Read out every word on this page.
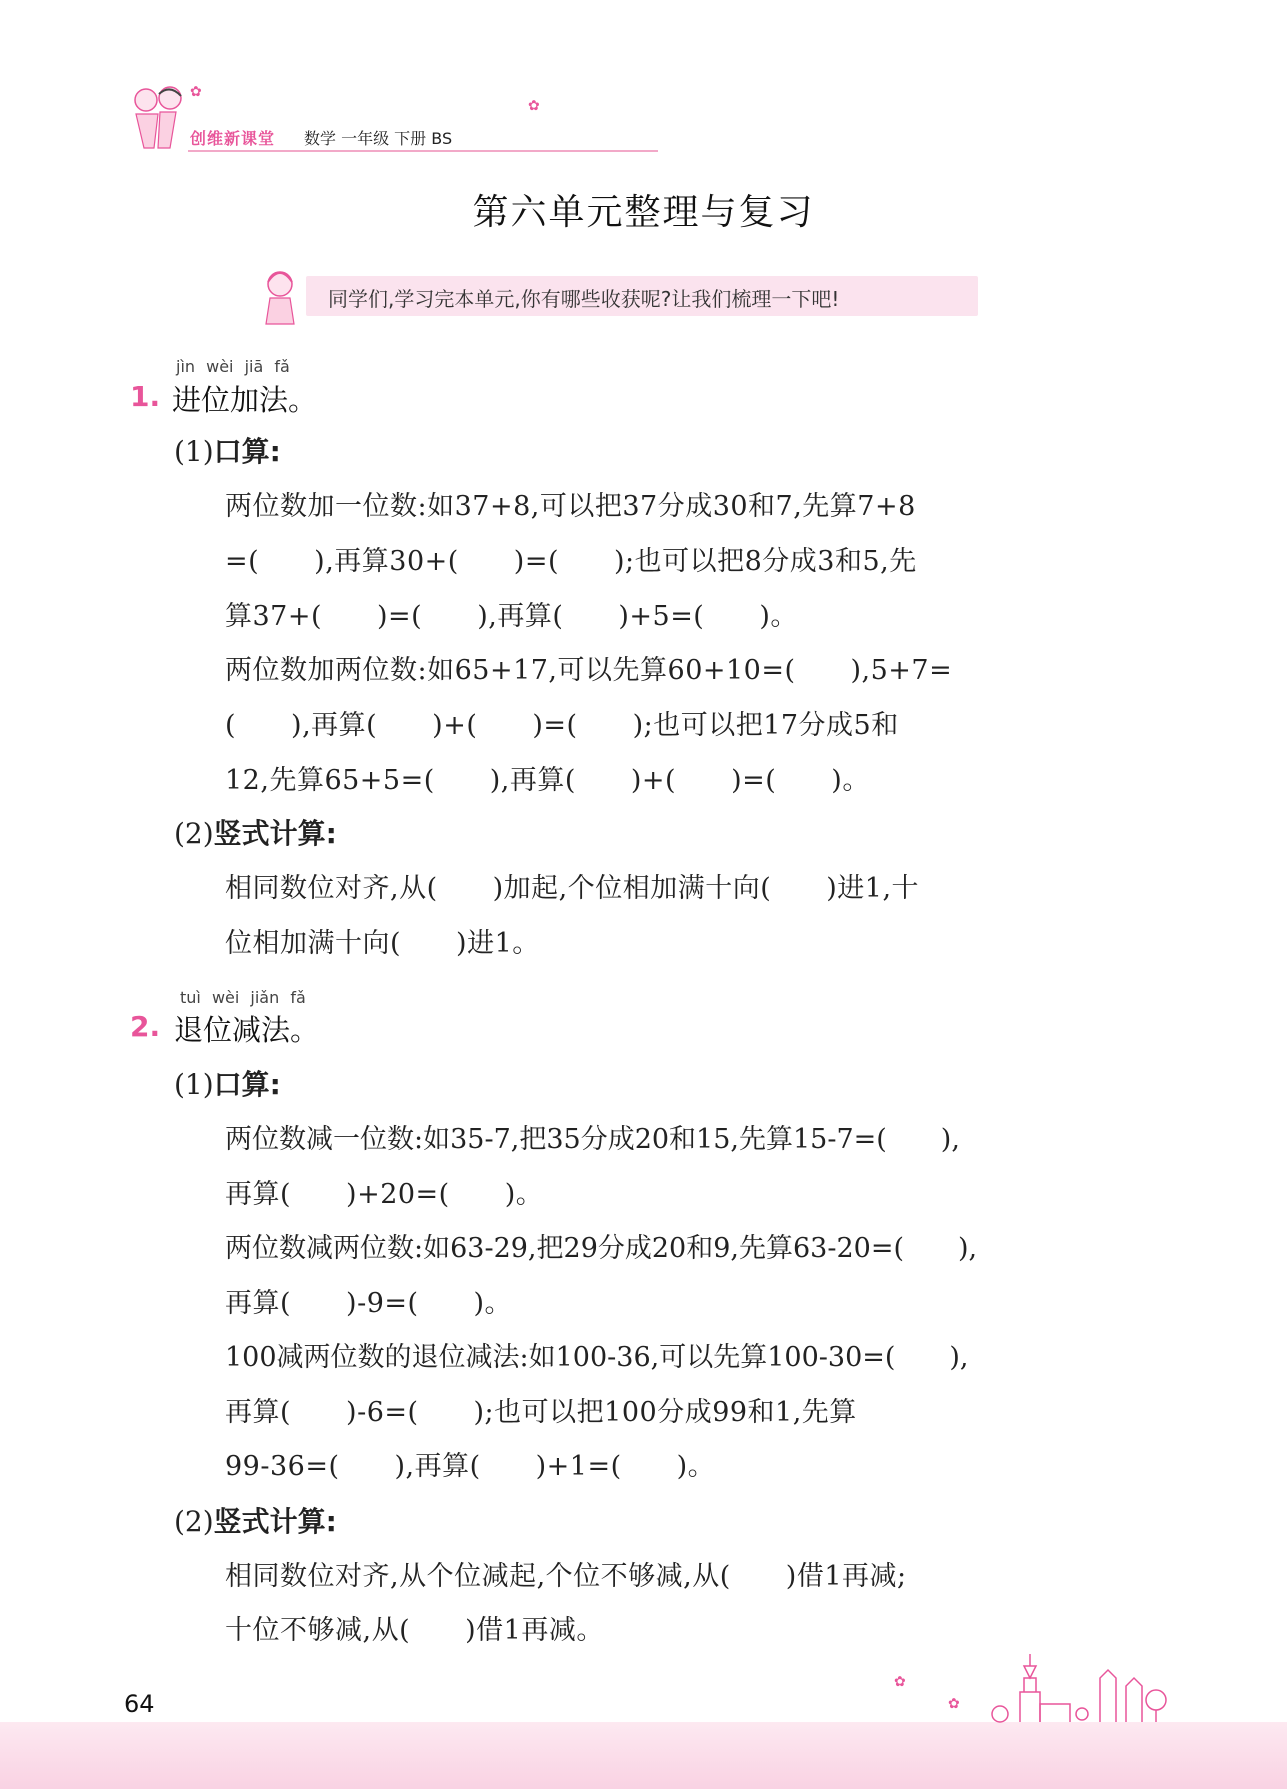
创维新课堂 数学 一年级 下册 BS
✿
✿
第六单元整理与复习
同学们,学习完本单元,你有哪些收获呢?让我们梳理一下吧!
jìn wèi jiā fǎ
1. 进位加法。
(1)口算:
两位数加一位数:如37+8,可以把37分成30和7,先算7+8
=(　　),再算30+(　　)=(　　);也可以把8分成3和5,先
算37+(　　)=(　　),再算(　　)+5=(　　)。
两位数加两位数:如65+17,可以先算60+10=(　　),5+7=
(　　),再算(　　)+(　　)=(　　);也可以把17分成5和
12,先算65+5=(　　),再算(　　)+(　　)=(　　)。
(2)竖式计算:
相同数位对齐,从(　　)加起,个位相加满十向(　　)进1,十
位相加满十向(　　)进1。
tuì wèi jiǎn fǎ
2. 退位减法。
(1)口算:
两位数减一位数:如35-7,把35分成20和15,先算15-7=(　　),
再算(　　)+20=(　　)。
两位数减两位数:如63-29,把29分成20和9,先算63-20=(　　),
再算(　　)-9=(　　)。
100减两位数的退位减法:如100-36,可以先算100-30=(　　),
再算(　　)-6=(　　);也可以把100分成99和1,先算
99-36=(　　),再算(　　)+1=(　　)。
(2)竖式计算:
相同数位对齐,从个位减起,个位不够减,从(　　)借1再减;
十位不够减,从(　　)借1再减。
64
✿
✿
